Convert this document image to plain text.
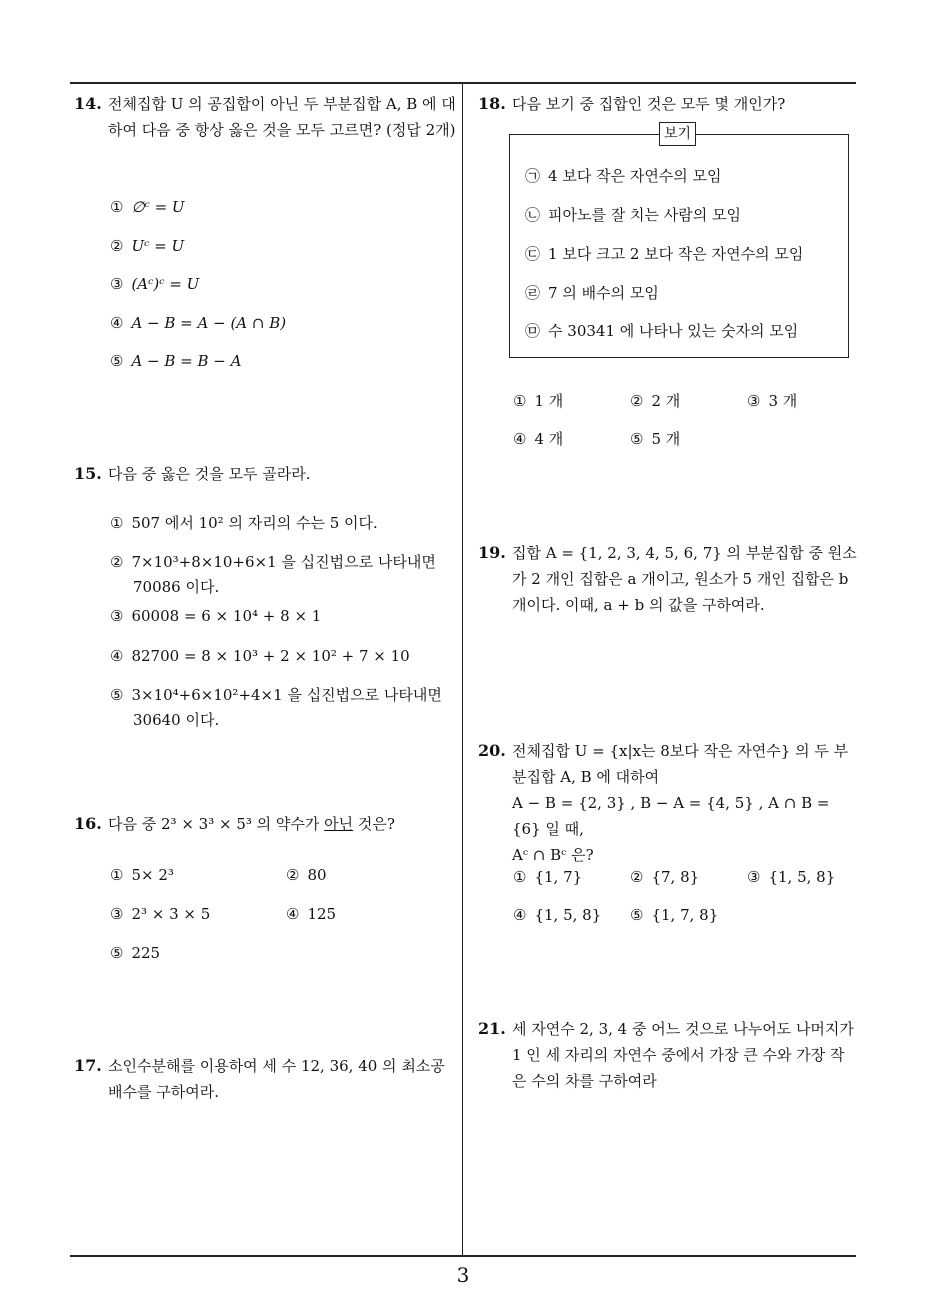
14. 전체집합 U 의 공집합이 아닌 두 부분집합 A, B 에 대하여 다음 중 항상 옳은 것을 모두 고르면? (정답 2개)
① ∅ᶜ = U
② Uᶜ = U
③ (Aᶜ)ᶜ = U
④ A − B = A − (A ∩ B)
⑤ A − B = B − A
15. 다음 중 옳은 것을 모두 골라라.
① 507 에서 10² 의 자리의 수는 5 이다.
② 7×10³+8×10+6×1 을 십진법으로 나타내면
70086 이다.
③ 60008 = 6 × 10⁴ + 8 × 1
④ 82700 = 8 × 10³ + 2 × 10² + 7 × 10
⑤ 3×10⁴+6×10²+4×1 을 십진법으로 나타내면
30640 이다.
16. 다음 중 2³ × 3³ × 5³ 의 약수가 아닌 것은?
① 5× 2³	② 80
③ 2³ × 3 × 5	④ 125
⑤ 225
17. 소인수분해를 이용하여 세 수 12, 36, 40 의 최소공배수를 구하여라.
18. 다음 보기 중 집합인 것은 모두 몇 개인가?
보기
㉠ 4 보다 작은 자연수의 모임
㉡ 피아노를 잘 치는 사람의 모임
㉢ 1 보다 크고 2 보다 작은 자연수의 모임
㉣ 7 의 배수의 모임
㉤ 수 30341 에 나타나 있는 숫자의 모임
① 1 개	② 2 개	③ 3 개
④ 4 개	⑤ 5 개
19. 집합 A = {1, 2, 3, 4, 5, 6, 7} 의 부분집합 중 원소가 2 개인 집합은 a 개이고, 원소가 5 개인 집합은 b 개이다. 이때, a + b 의 값을 구하여라.
20. 전체집합 U = {x|x는 8보다 작은 자연수} 의 두 부분집합 A, B 에 대하여
A − B = {2, 3} , B − A = {4, 5} , A ∩ B = {6} 일 때,
Aᶜ ∩ Bᶜ 은?
① {1, 7}	② {7, 8}	③ {1, 5, 8}
④ {1, 5, 8} ⑤ {1, 7, 8}
21. 세 자연수 2, 3, 4 중 어느 것으로 나누어도 나머지가 1 인 세 자리의 자연수 중에서 가장 큰 수와 가장 작은 수의 차를 구하여라
3
